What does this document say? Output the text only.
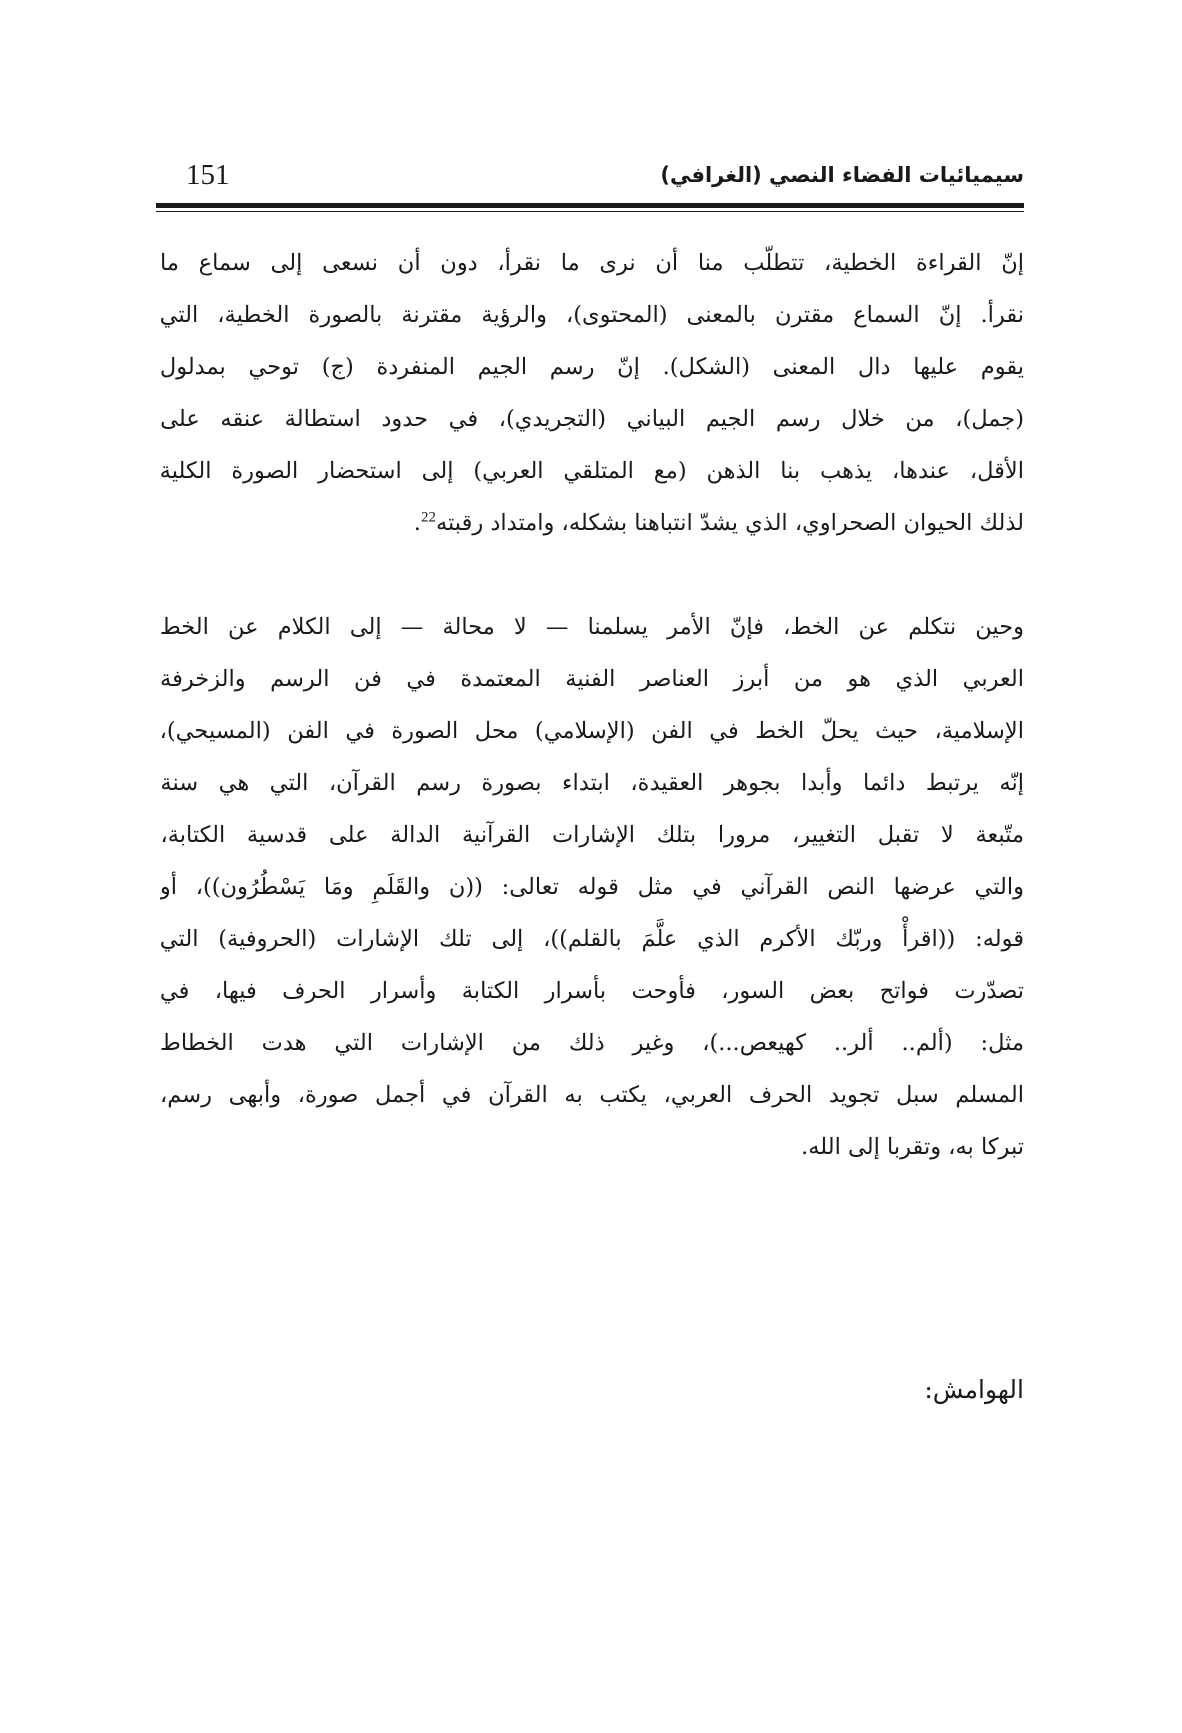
151	سيميائيات الفضاء النصي (الغرافي)
إنّ القراءة الخطية، تتطلّب منا أن نرى ما نقرأ، دون أن نسعى إلى سماع ما
نقرأ. إنّ السماع مقترن بالمعنى (المحتوى)، والرؤية مقترنة بالصورة الخطية، التي
يقوم عليها دال المعنى (الشكل). إنّ رسم الجيم المنفردة (ج) توحي بمدلول
(جمل)، من خلال رسم الجيم البياني (التجريدي)، في حدود استطالة عنقه على
الأقل، عندها، يذهب بنا الذهن (مع المتلقي العربي) إلى استحضار الصورة الكلية
لذلك الحيوان الصحراوي، الذي يشدّ انتباهنا بشكله، وامتداد رقبته$^{22}$.
وحين نتكلم عن الخط، فإنّ الأمر يسلمنا — لا محالة — إلى الكلام عن الخط
العربي الذي هو من أبرز العناصر الفنية المعتمدة في فن الرسم والزخرفة
الإسلامية، حيث يحلّ الخط في الفن (الإسلامي) محل الصورة في الفن (المسيحي)،
إنّه يرتبط دائما وأبدا بجوهر العقيدة، ابتداء بصورة رسم القرآن، التي هي سنة
متّبعة لا تقبل التغيير، مرورا بتلك الإشارات القرآنية الدالة على قدسية الكتابة،
والتي عرضها النص القرآني في مثل قوله تعالى: ((ن والقَلَمِ ومَا يَسْطُرُون))، أو
قوله: ((اقرأْ وربّك الأكرم الذي علَّمَ بالقلم))، إلى تلك الإشارات (الحروفية) التي
تصدّرت فواتح بعض السور، فأوحت بأسرار الكتابة وأسرار الحرف فيها، في
مثل: (ألم.. ألر.. كهيعص...)، وغير ذلك من الإشارات التي هدت الخطاط
المسلم سبل تجويد الحرف العربي، يكتب به القرآن في أجمل صورة، وأبهى رسم،
تبركا به، وتقربا إلى الله.
الهوامش:
